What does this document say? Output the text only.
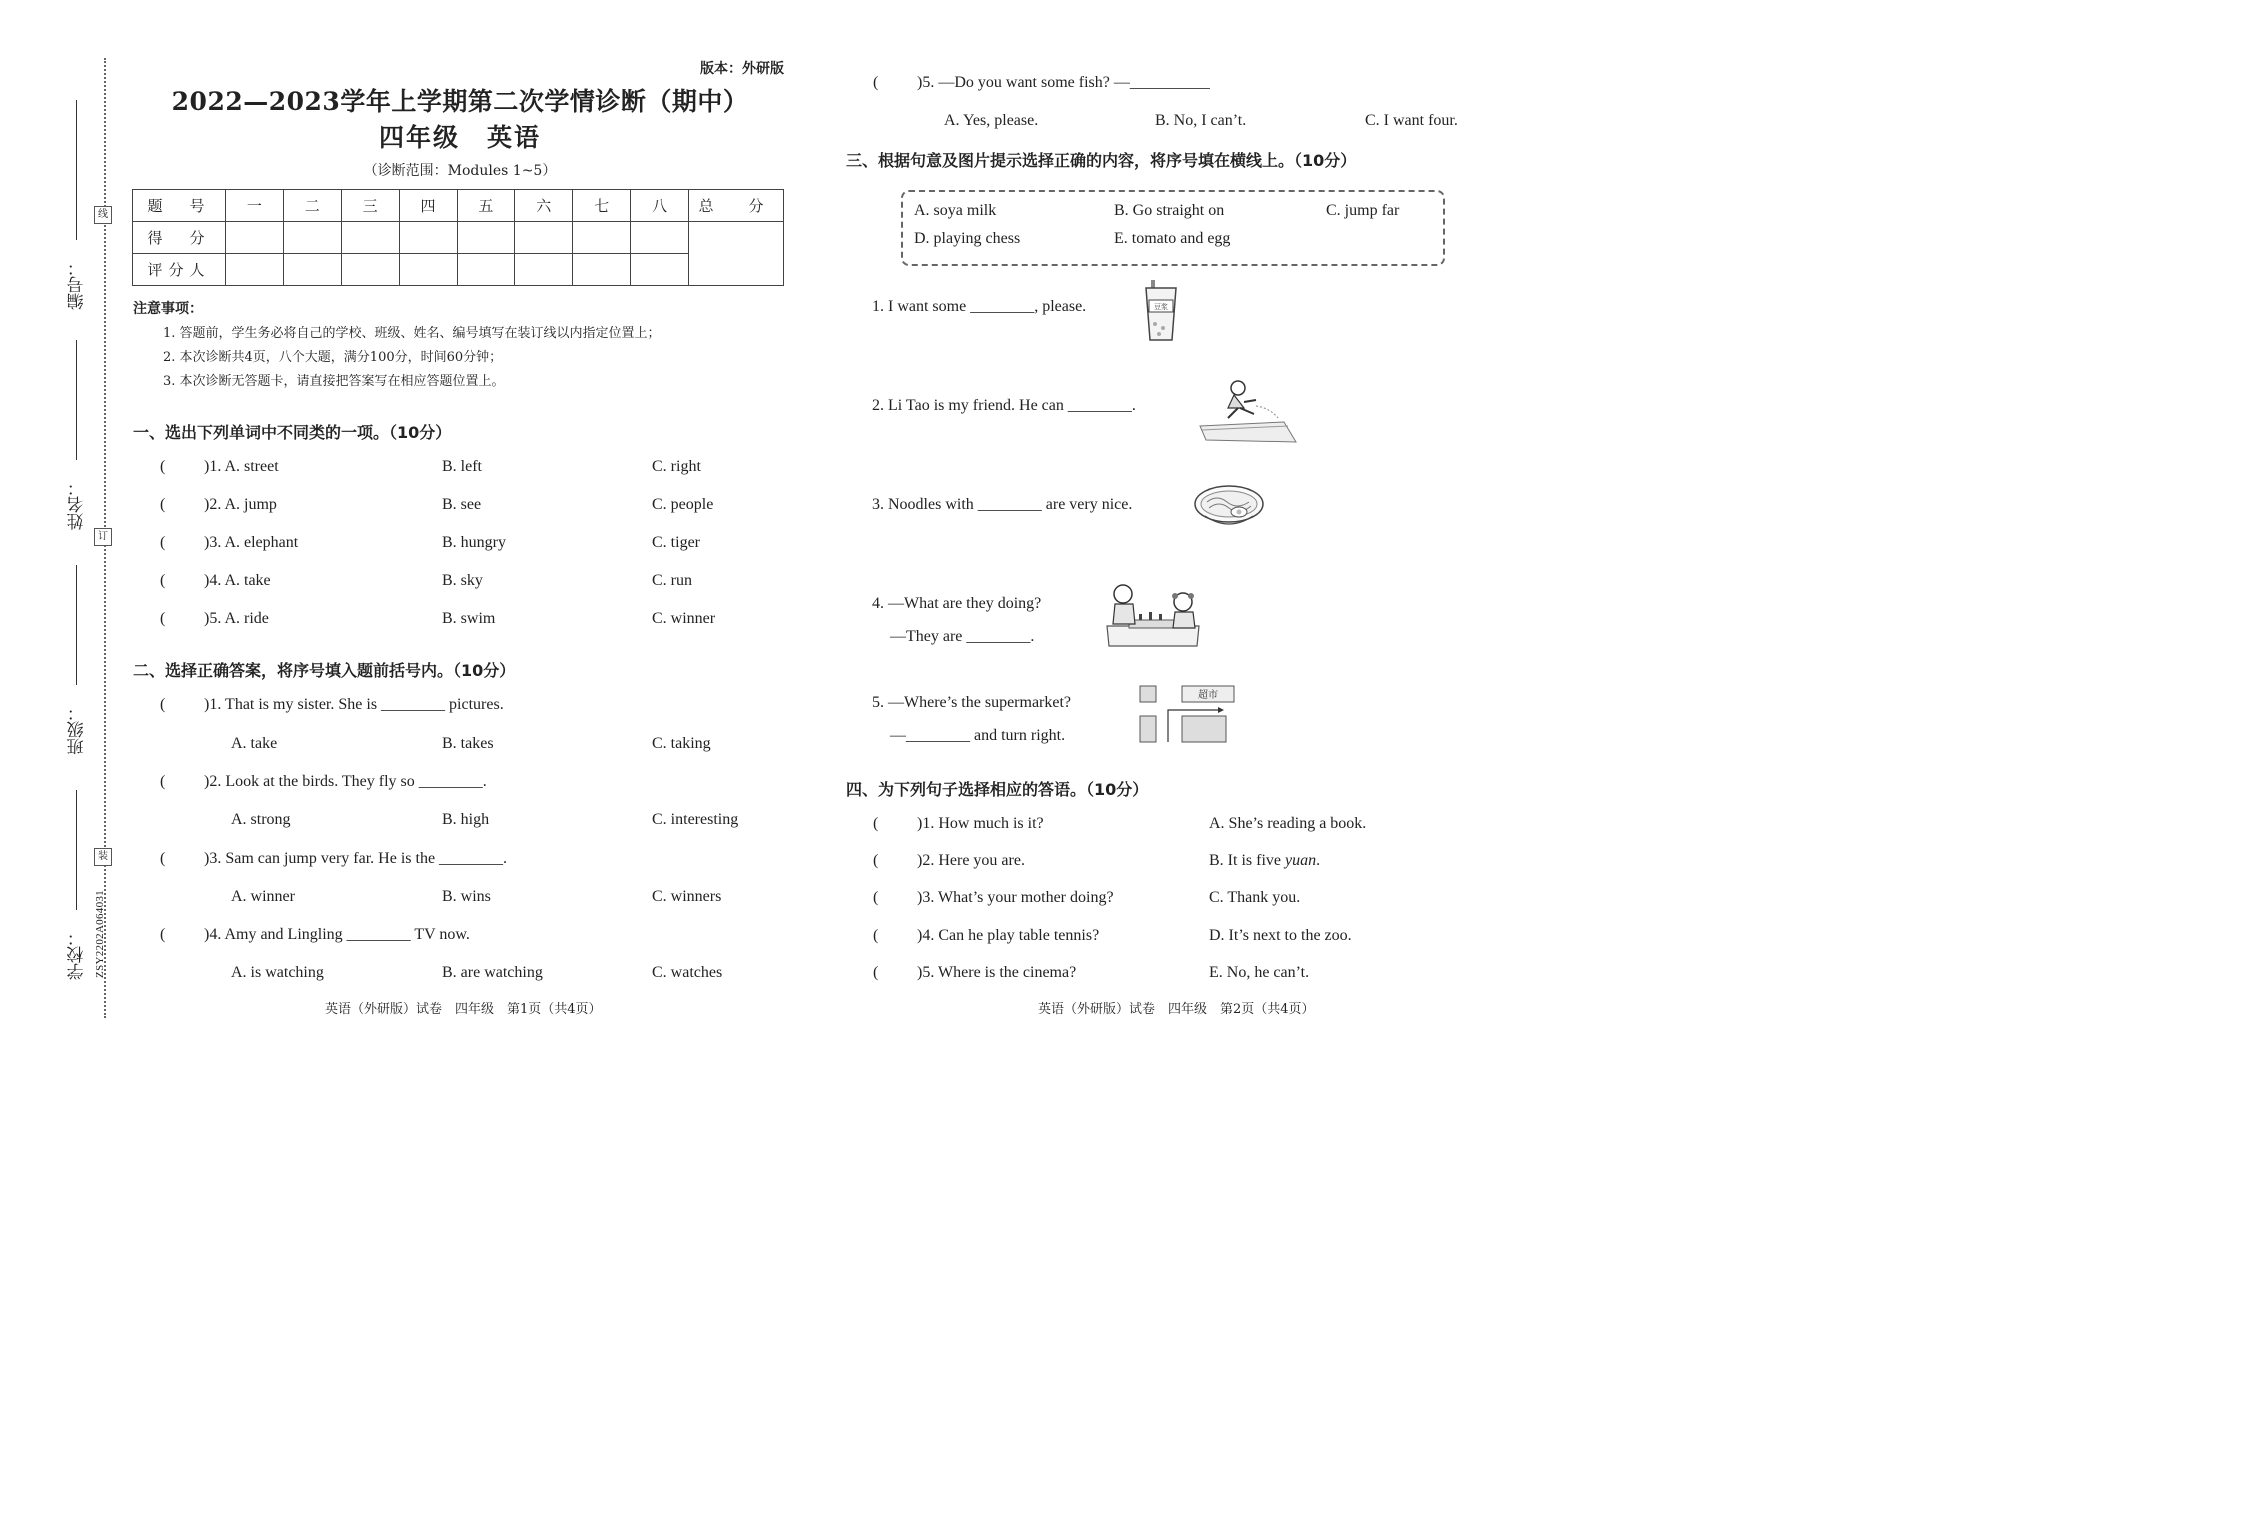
线
订
装
编号：
姓名：
班级：
学校： ZSY2202A064031
版本：外研版
2022—2023学年上学期第二次学情诊断（期中）
四年级　英语
（诊断范围：Modules 1~5）
题　号	一	二	三	四	五	六	七	八	总　分
得　分									
评分人									
注意事项：
1. 答题前，学生务必将自己的学校、班级、姓名、编号填写在装订线以内指定位置上；
2. 本次诊断共4页，八个大题，满分100分，时间60分钟；
3. 本次诊断无答题卡，请直接把答案写在相应答题位置上。
一、选出下列单词中不同类的一项。（10分）
( )1. A. street	B. left	C. right
( )2. A. jump	B. see	C. people
( )3. A. elephant	B. hungry	C. tiger
( )4. A. take	B. sky	C. run
( )5. A. ride	B. swim	C. winner
二、选择正确答案，将序号填入题前括号内。（10分）
( )1. That is my sister. She is ________ pictures.
A. take	B. takes	C. taking
( )2. Look at the birds. They fly so ________.
A. strong	B. high	C. interesting
( )3. Sam can jump very far. He is the ________.
A. winner	B. wins	C. winners
( )4. Amy and Lingling ________ TV now.
A. is watching	B. are watching	C. watches
英语（外研版）试卷　四年级　第1页（共4页）
( )5. —Do you want some fish? —__________
A. Yes, please.	B. No, I can’t.	C. I want four.
三、根据句意及图片提示选择正确的内容，将序号填在横线上。（10分）
A. soya milk	B. Go straight on	C. jump far
D. playing chess	E. tomato and egg
1. I want some ________, please.	豆浆
2. Li Tao is my friend. He can ________.
3. Noodles with ________ are very nice.
4. —What are they doing?
—They are ________.
5. —Where’s the supermarket?
—________ and turn right.
超市
四、为下列句子选择相应的答语。（10分）
( )1. How much is it?	A. She’s reading a book.
( )2. Here you are.	B. It is five yuan.
( )3. What’s your mother doing?	C. Thank you.
( )4. Can he play table tennis?	D. It’s next to the zoo.
( )5. Where is the cinema?	E. No, he can’t.
英语（外研版）试卷　四年级　第2页（共4页）
